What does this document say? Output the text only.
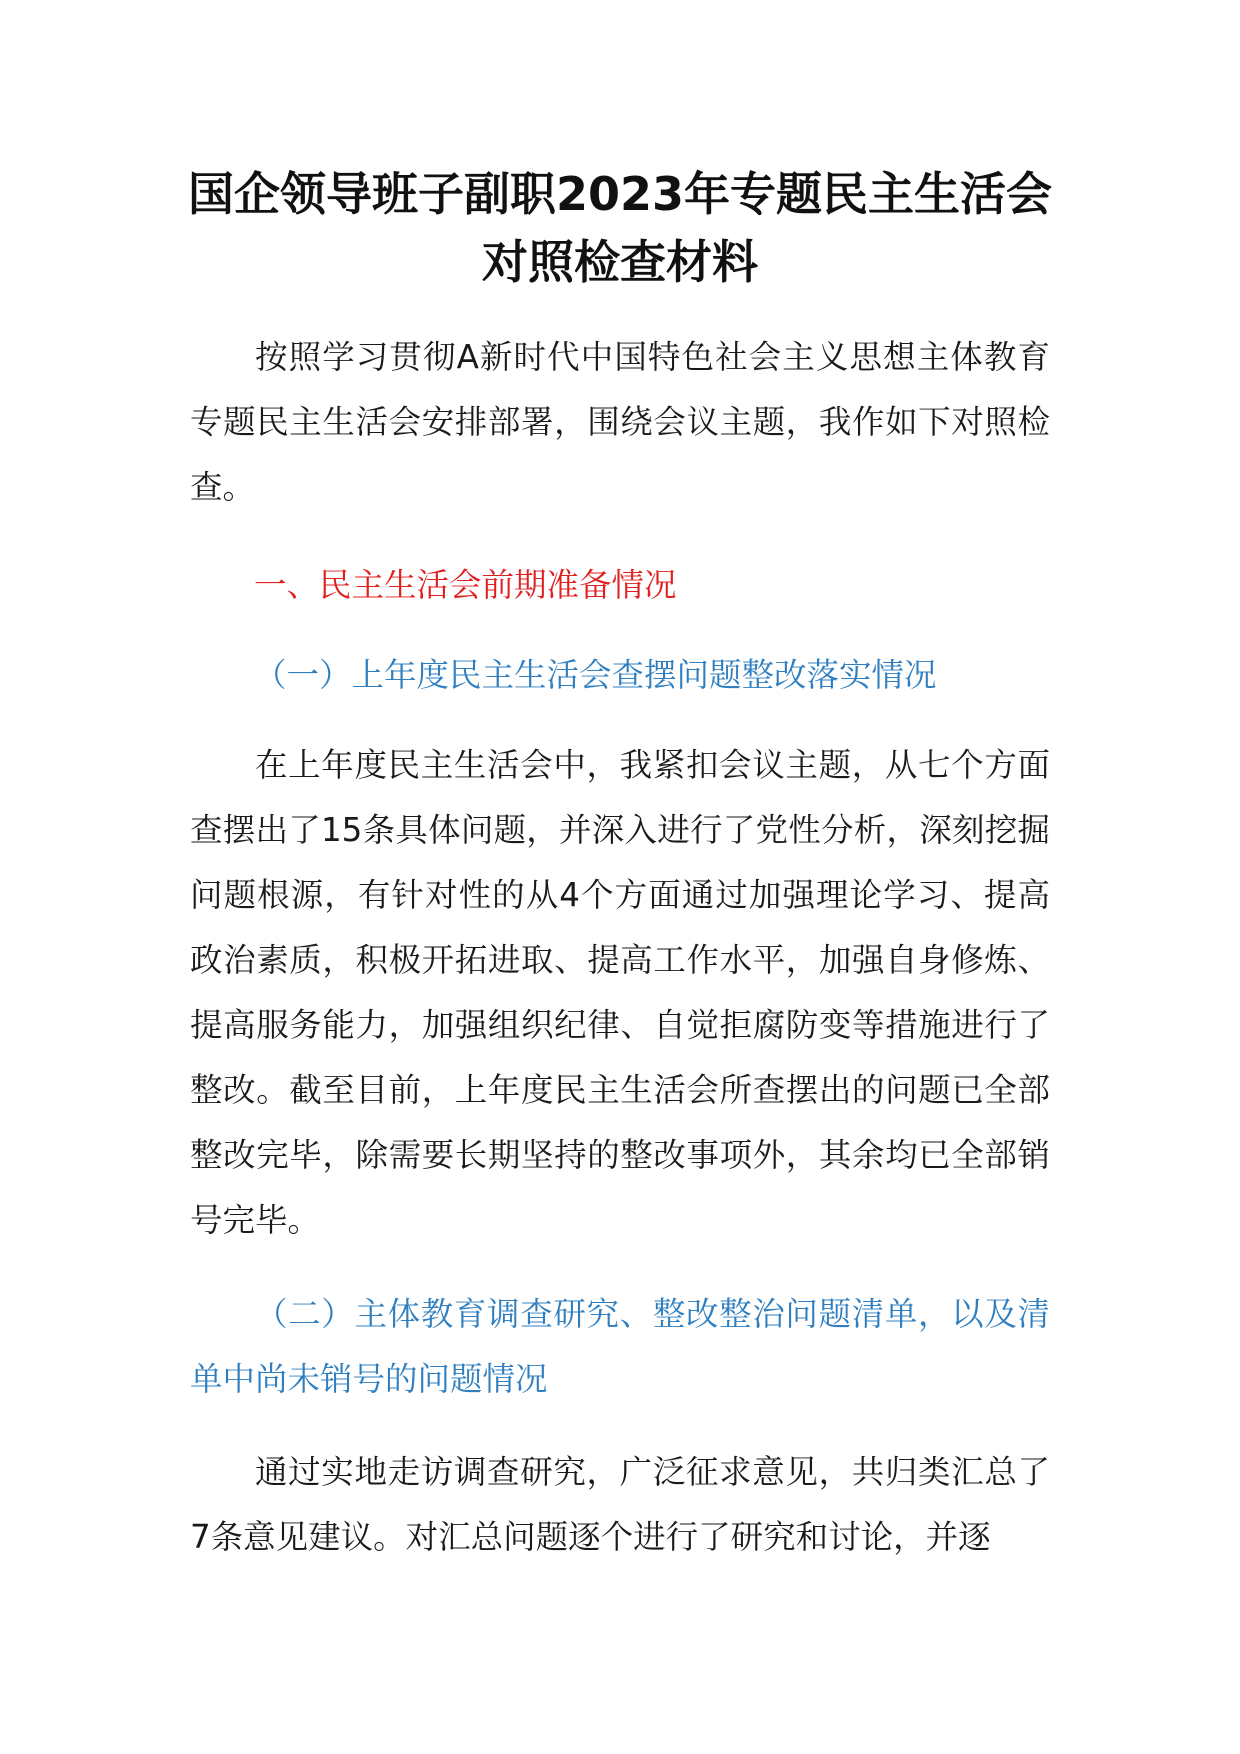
国企领导班子副职2023年专题民主生活会
对照检查材料

按照学习贯彻A新时代中国特色社会主义思想主体教育专题民主生活会安排部署，围绕会议主题，我作如下对照检查。

一、民主生活会前期准备情况
（一）上年度民主生活会查摆问题整改落实情况

在上年度民主生活会中，我紧扣会议主题，从七个方面查摆出了15条具体问题，并深入进行了党性分析，深刻挖掘问题根源，有针对性的从4个方面通过加强理论学习、提高政治素质，积极开拓进取、提高工作水平，加强自身修炼、提高服务能力，加强组织纪律、自觉拒腐防变等措施进行了整改。截至目前，上年度民主生活会所查摆出的问题已全部整改完毕，除需要长期坚持的整改事项外，其余均已全部销号完毕。

（二）主体教育调查研究、整改整治问题清单，以及清单中尚未销号的问题情况

通过实地走访调查研究，广泛征求意见，共归类汇总了7条意见建议。对汇总问题逐个进行了研究和讨论，并逐
